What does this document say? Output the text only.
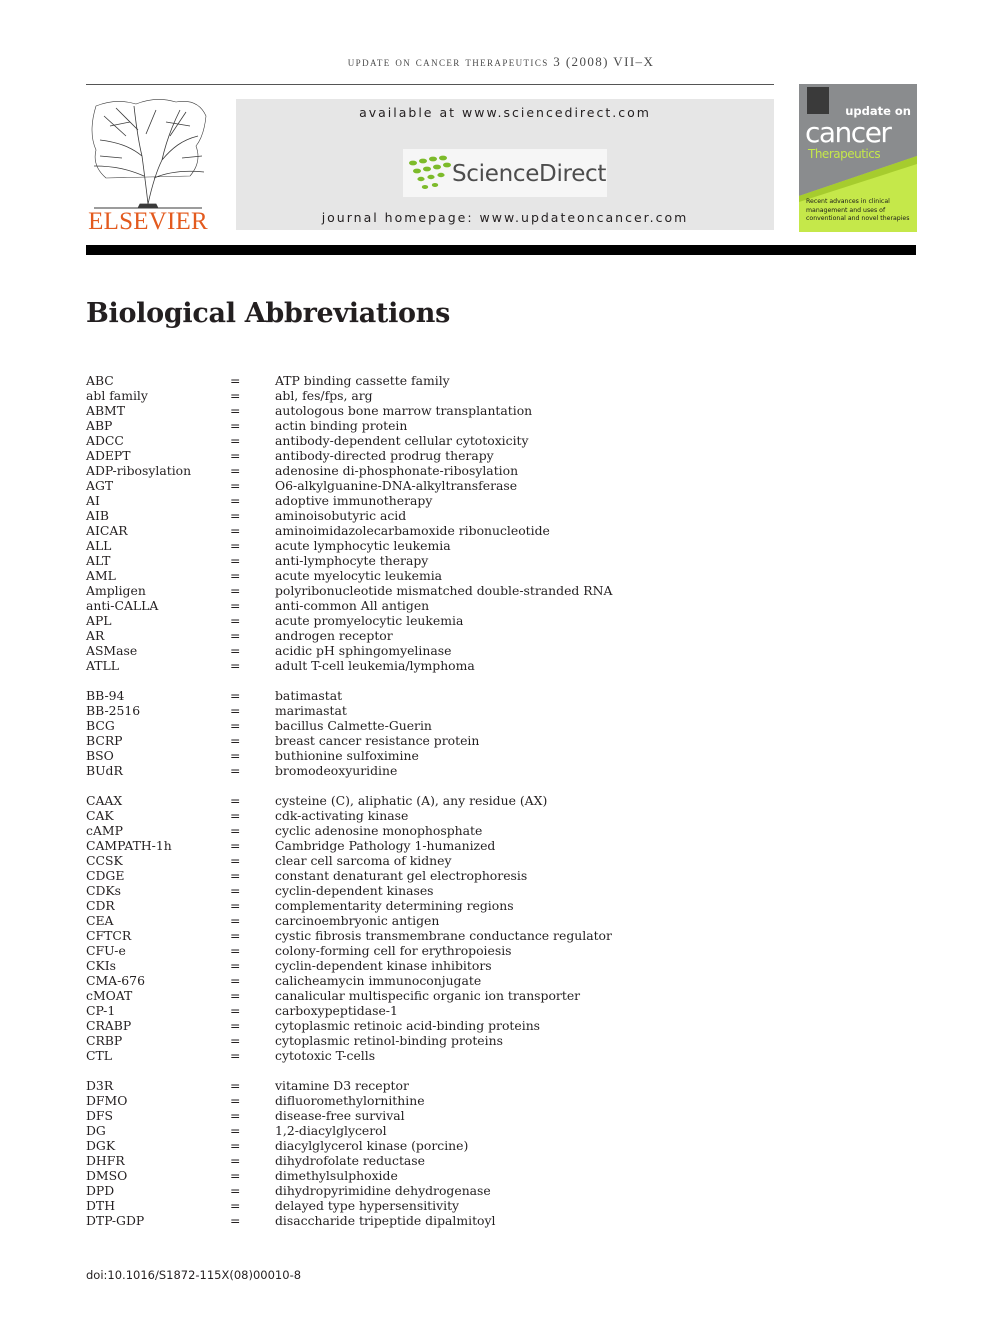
update on cancer therapeutics 3 (2008) VII–X
ELSEVIER
available at www.sciencedirect.com
ScienceDirect
journal homepage: www.updateoncancer.com
update on
cancer
Therapeutics
Recent advances in clinical management and uses of conventional and novel therapies
Biological Abbreviations
ABC	=	ATP binding cassette family
abl family	=	abl, fes/fps, arg
ABMT	=	autologous bone marrow transplantation
ABP	=	actin binding protein
ADCC	=	antibody-dependent cellular cytotoxicity
ADEPT	=	antibody-directed prodrug therapy
ADP-ribosylation	=	adenosine di-phosphonate-ribosylation
AGT	=	O6-alkylguanine-DNA-alkyltransferase
AI	=	adoptive immunotherapy
AIB	=	aminoisobutyric acid
AICAR	=	aminoimidazolecarbamoxide ribonucleotide
ALL	=	acute lymphocytic leukemia
ALT	=	anti-lymphocyte therapy
AML	=	acute myelocytic leukemia
Ampligen	=	polyribonucleotide mismatched double-stranded RNA
anti-CALLA	=	anti-common All antigen
APL	=	acute promyelocytic leukemia
AR	=	androgen receptor
ASMase	=	acidic pH sphingomyelinase
ATLL	=	adult T-cell leukemia/lymphoma
BB-94	=	batimastat
BB-2516	=	marimastat
BCG	=	bacillus Calmette-Guerin
BCRP	=	breast cancer resistance protein
BSO	=	buthionine sulfoximine
BUdR	=	bromodeoxyuridine
CAAX	=	cysteine (C), aliphatic (A), any residue (AX)
CAK	=	cdk-activating kinase
cAMP	=	cyclic adenosine monophosphate
CAMPATH-1h	=	Cambridge Pathology 1-humanized
CCSK	=	clear cell sarcoma of kidney
CDGE	=	constant denaturant gel electrophoresis
CDKs	=	cyclin-dependent kinases
CDR	=	complementarity determining regions
CEA	=	carcinoembryonic antigen
CFTCR	=	cystic fibrosis transmembrane conductance regulator
CFU-e	=	colony-forming cell for erythropoiesis
CKIs	=	cyclin-dependent kinase inhibitors
CMA-676	=	calicheamycin immunoconjugate
cMOAT	=	canalicular multispecific organic ion transporter
CP-1	=	carboxypeptidase-1
CRABP	=	cytoplasmic retinoic acid-binding proteins
CRBP	=	cytoplasmic retinol-binding proteins
CTL	=	cytotoxic T-cells
D3R	=	vitamine D3 receptor
DFMO	=	difluoromethylornithine
DFS	=	disease-free survival
DG	=	1,2-diacylglycerol
DGK	=	diacylglycerol kinase (porcine)
DHFR	=	dihydrofolate reductase
DMSO	=	dimethylsulphoxide
DPD	=	dihydropyrimidine dehydrogenase
DTH	=	delayed type hypersensitivity
DTP-GDP	=	disaccharide tripeptide dipalmitoyl
doi:10.1016/S1872-115X(08)00010-8
